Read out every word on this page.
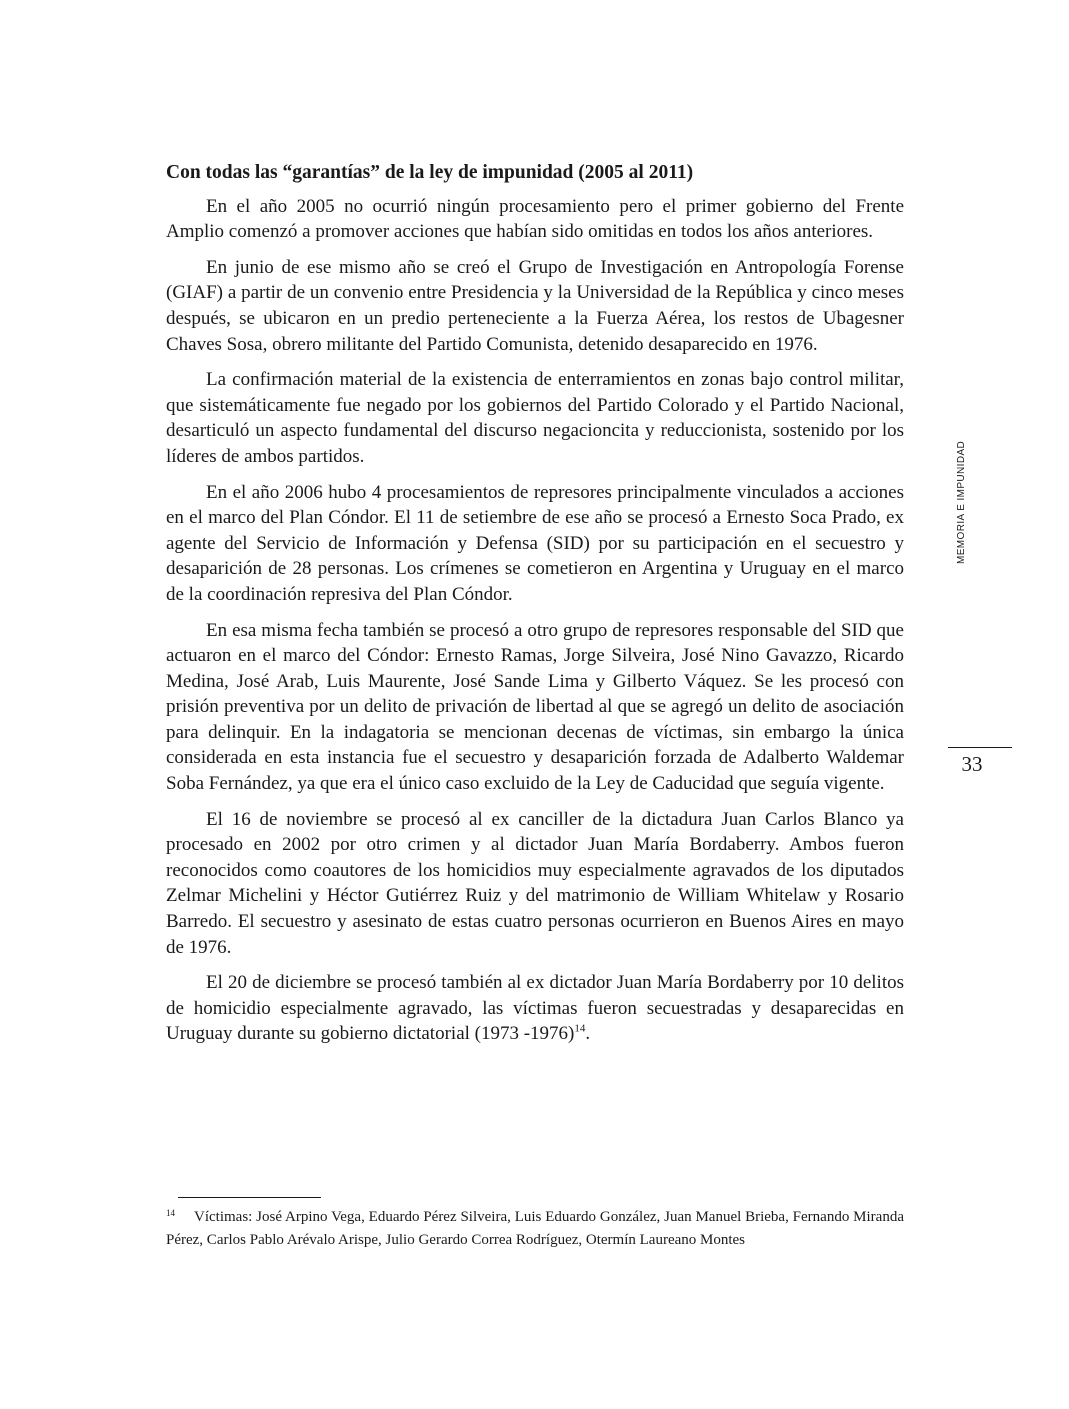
Con todas las “garantías” de la ley de impunidad (2005 al 2011)

En el año 2005 no ocurrió ningún procesamiento pero el primer gobierno del Frente Amplio comenzó a promover acciones que habían sido omitidas en todos los años anteriores.

En junio de ese mismo año se creó el Grupo de Investigación en Antropología Forense (GIAF) a partir de un convenio entre Presidencia y la Universidad de la República y cinco meses después, se ubicaron en un predio perteneciente a la Fuerza Aérea, los restos de Ubagesner Chaves Sosa, obrero militante del Partido Comunista, detenido desaparecido en 1976.

La confirmación material de la existencia de enterramientos en zonas bajo control militar, que sistemáticamente fue negado por los gobiernos del Partido Colorado y el Partido Nacional, desarticuló un aspecto fundamental del discurso negacioncita y reduccionista, sostenido por los líderes de ambos partidos.

En el año 2006 hubo 4 procesamientos de represores principalmente vinculados a acciones en el marco del Plan Cóndor. El 11 de setiembre de ese año se procesó a Ernesto Soca Prado, ex agente del Servicio de Información y Defensa (SID) por su participación en el secuestro y desaparición de 28 personas. Los crímenes se cometieron en Argentina y Uruguay en el marco de la coordinación represiva del Plan Cóndor.

En esa misma fecha también se procesó a otro grupo de represores responsable del SID que actuaron en el marco del Cóndor: Ernesto Ramas, Jorge Silveira, José Nino Gavazzo, Ricardo Medina, José Arab, Luis Maurente, José Sande Lima y Gilberto Váquez. Se les procesó con prisión preventiva por un delito de privación de libertad al que se agregó un delito de asociación para delinquir. En la indagatoria se mencionan decenas de víctimas, sin embargo la única considerada en esta instancia fue el secuestro y desaparición forzada de Adalberto Waldemar Soba Fernández, ya que era el único caso excluido de la Ley de Caducidad que seguía vigente.

El 16 de noviembre se procesó al ex canciller de la dictadura Juan Carlos Blanco ya procesado en 2002 por otro crimen y al dictador Juan María Bordaberry. Ambos fueron reconocidos como coautores de los homicidios muy especialmente agravados de los diputados Zelmar Michelini y Héctor Gutiérrez Ruiz y del matrimonio de William Whitelaw y Rosario Barredo. El secuestro y asesinato de estas cuatro personas ocurrieron en Buenos Aires en mayo de 1976.

El 20 de diciembre se procesó también al ex dictador Juan María Bordaberry por 10 delitos de homicidio especialmente agravado, las víctimas fueron secuestradas y desaparecidas en Uruguay durante su gobierno dictatorial (1973 -1976)$^{14}$.

MEMORIA E IMPUNIDAD
33
14 Víctimas: José Arpino Vega, Eduardo Pérez Silveira, Luis Eduardo González, Juan Manuel Brieba, Fernando Miranda Pérez, Carlos Pablo Arévalo Arispe, Julio Gerardo Correa Rodríguez, Otermín Laureano Montes
